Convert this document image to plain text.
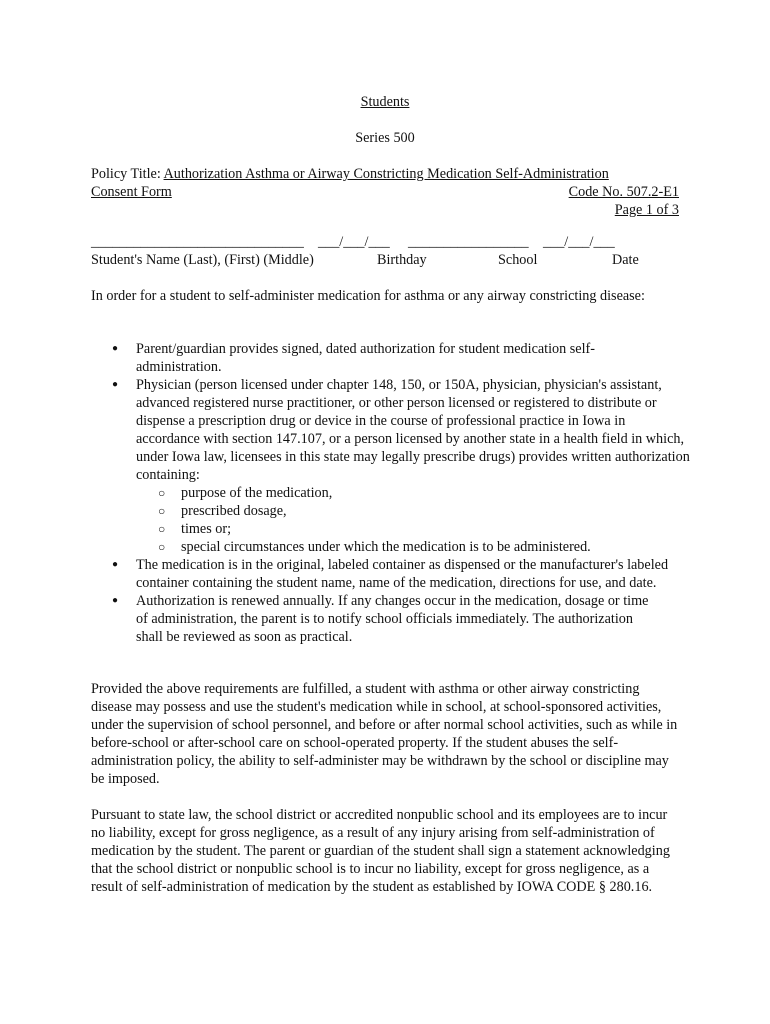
Students
Series 500
Policy Title: Authorization Asthma or Airway Constricting Medication Self-Administration
Consent Form	Code No. 507.2-E1
Page 1 of 3
______________________________ ___/___/___ _________________ ___/___/___
Student's Name (Last), (First) (Middle)	Birthday	School	Date

In order for a student to self-administer medication for asthma or any airway constricting disease:

● Parent/guardian provides signed, dated authorization for student medication self-administration.
● Physician (person licensed under chapter 148, 150, or 150A, physician, physician's assistant, advanced registered nurse practitioner, or other person licensed or registered to distribute or dispense a prescription drug or device in the course of professional practice in Iowa in accordance with section 147.107, or a person licensed by another state in a health field in which, under Iowa law, licensees in this state may legally prescribe drugs) provides written authorization containing:
○ purpose of the medication,
○ prescribed dosage,
○ times or;
○ special circumstances under which the medication is to be administered.
● The medication is in the original, labeled container as dispensed or the manufacturer's labeled container containing the student name, name of the medication, directions for use, and date.
● Authorization is renewed annually. If any changes occur in the medication, dosage or time of administration, the parent is to notify school officials immediately. The authorization shall be reviewed as soon as practical.

Provided the above requirements are fulfilled, a student with asthma or other airway constricting disease may possess and use the student's medication while in school, at school-sponsored activities, under the supervision of school personnel, and before or after normal school activities, such as while in before-school or after-school care on school-operated property. If the student abuses the self-administration policy, the ability to self-administer may be withdrawn by the school or discipline may be imposed.

Pursuant to state law, the school district or accredited nonpublic school and its employees are to incur no liability, except for gross negligence, as a result of any injury arising from self-administration of medication by the student. The parent or guardian of the student shall sign a statement acknowledging that the school district or nonpublic school is to incur no liability, except for gross negligence, as a result of self-administration of medication by the student as established by IOWA CODE § 280.16.
